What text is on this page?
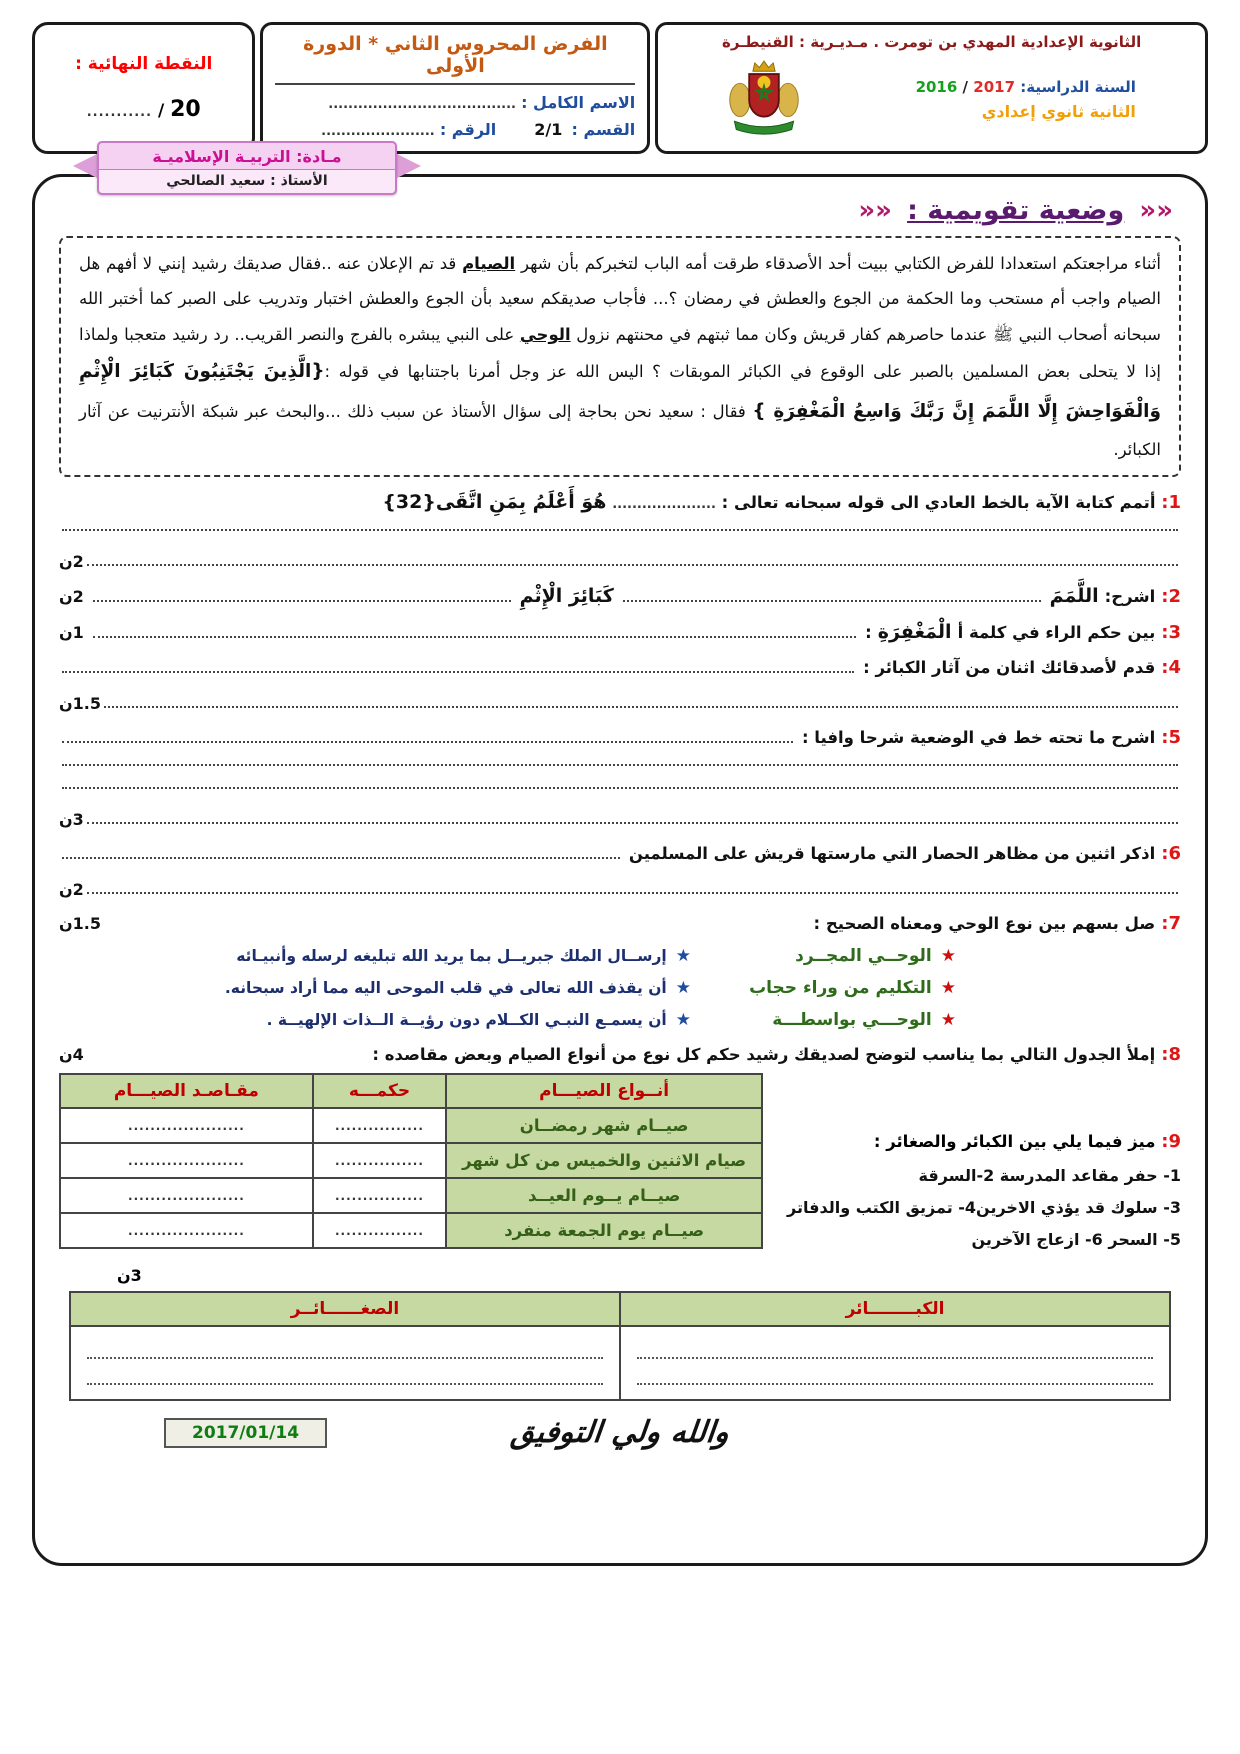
الثانوية الإعدادية المهدي بن تومرت . مـديـرية : القنيطـرة
السنة الدراسية: 2017 / 2016
الثانية ثانوي إعدادي
الفرض المحروس الثاني * الدورة الأولى
الاسم الكامل : ......................................
القسم : 2/1
الرقم : .......................
النقطة النهائية :
20 / ...........
مـادة: التربيـة الإسلاميـة
الأستاذ : سعيد الصالحي
«« وضعية تقويمية : ««
أثناء مراجعتكم استعدادا للفرض الكتابي ببيت أحد الأصدقاء طرقت أمه الباب لتخبركم بأن شهر الصيام قد تم الإعلان عنه ..فقال صديقك رشيد إنني لا أفهم هل الصيام واجب أم مستحب وما الحكمة من الجوع والعطش في رمضان ؟... فأجاب صديقكم سعيد بأن الجوع والعطش اختبار وتدريب على الصبر كما أختبر الله سبحانه أصحاب النبي ﷺ عندما حاصرهم كفار قريش وكان مما ثبتهم في محنتهم نزول الوحي على النبي يبشره بالفرج والنصر القريب.. رد رشيد متعجبا ولماذا إذا لا يتحلى بعض المسلمين بالصبر على الوقوع في الكبائر الموبقات ؟ اليس الله عز وجل أمرنا باجتنابها في قوله :{الَّذِينَ يَجْتَنِبُونَ كَبَائِرَ الْإِثْمِ وَالْفَوَاحِشَ إِلَّا اللَّمَمَ إِنَّ رَبَّكَ وَاسِعُ الْمَغْفِرَةِ } فقال : سعيد نحن بحاجة إلى سؤال الأستاذ عن سبب ذلك ...والبحث عبر شبكة الأنترنيت عن آثار الكبائر.
1: أتمم كتابة الآية بالخط العادي الى قوله سبحانه تعالى : ..................... هُوَ أَعْلَمُ بِمَنِ اتَّقَى{32}
2ن
2:
اشرح:
اللَّمَمَ
كَبَائِرَ الْإِثْمِ
2ن
3:
بين حكم الراء في كلمة أ
الْمَغْفِرَةِ
:
1ن
4:
قدم لأصدقائك اثنان من آثار الكبائر :
1.5ن
5:
اشرح ما تحته خط في الوضعية شرحا وافيا :
3ن
6:
اذكر اثنين من مظاهر الحصار التي مارستها قريش على المسلمين
2ن
7:
صل بسهم بين نوع الوحي ومعناه الصحيح :
1.5ن
★
الوحــي المجــرد
★
إرســال الملك جبريــل بما يريد الله تبليغه لرسله وأنبيـائه
★
التكليم من وراء حجاب
★
أن يقذف الله تعالى في قلب الموحى اليه مما أراد سبحانه.
★
الوحـــي بواسطـــة
★
أن يسمـع النبـي الكــلام دون رؤيــة الــذات الإلهيــة .
8:
إملأ الجدول التالي بما يناسب لتوضح لصديقك رشيد حكم كل نوع من أنواع الصيام وبعض مقاصده :
4ن
9: ميز فيما يلي بين الكبائر والصغائر :
1- حفر مقاعد المدرسة 2-السرقة
3- سلوك قد يؤذي الاخرين4- تمزيق الكتب والدفاتر 5- السحر 6- ازعاج الآخرين
أنــواع الصيـــام	حكمـــه	مقـاصـد الصيـــام
صيــام شهر رمضــان	................	.....................
صيام الاثنين والخميس من كل شهر	................	.....................
صيــام يــوم العيــد	................	.....................
صيــام يوم الجمعة منفرد	................	.....................
3ن
الكبــــــــائر	الصغــــــائــر

والله ولي التوفيق
2017/01/14
